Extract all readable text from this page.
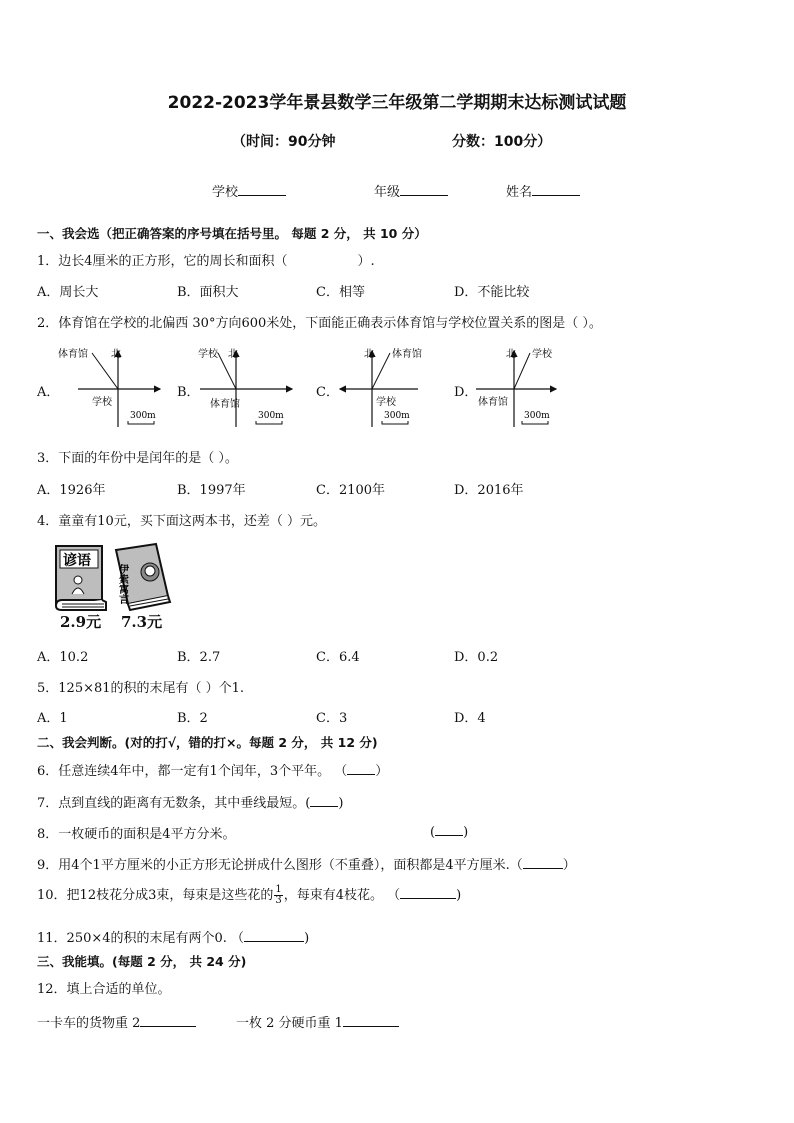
2022-2023学年景县数学三年级第二学期期末达标测试试题
（时间：90分钟	分数：100分）
学校	年级	姓名
一、我会选（把正确答案的序号填在括号里。 每题 2 分， 共 10 分）
1．边长4厘米的正方形，它的周长和面积（	）.
A．周长大	B．面积大	C．相等	D．不能比较
2．体育馆在学校的北偏西 30°方向600米处，下面能正确表示体育馆与学校位置关系的图是（ ）。
A．	B．	C．	D．
体育馆 北
学校
300m
学校 北
体育馆
300m
北 体育馆
学校
300m
北 学校
体育馆
300m
3．下面的年份中是闰年的是（ ）。
A．1926年	B．1997年	C．2100年	D．2016年
4．童童有10元，买下面这两本书，还差（ ）元。
谚语
伊索寓言
2.9元 7.3元
A．10.2	B．2.7	C．6.4	D．0.2
5．125×81的积的末尾有（ ）个1.
A．1	B．2	C．3	D．4
二、我会判断。(对的打√，错的打×。每题 2 分， 共 12 分)
6．任意连续4年中，都一定有1个闰年，3个平年。 （ ）
7．点到直线的距离有无数条，其中垂线最短。( )
8．一枚硬币的面积是4平方分米。	( )
9．用4个1平方厘米的小正方形无论拼成什么图形（不重叠），面积都是4平方厘米.（	）
10．把12枝花分成3束，每束是这些花的 $\frac{1}{3}$ ，每束有4枝花。 （	)
11．250×4的积的末尾有两个0. （	)
三、我能填。(每题 2 分， 共 24 分)
12．填上合适的单位。
一卡车的货物重 2	一枚 2 分硬币重 1
